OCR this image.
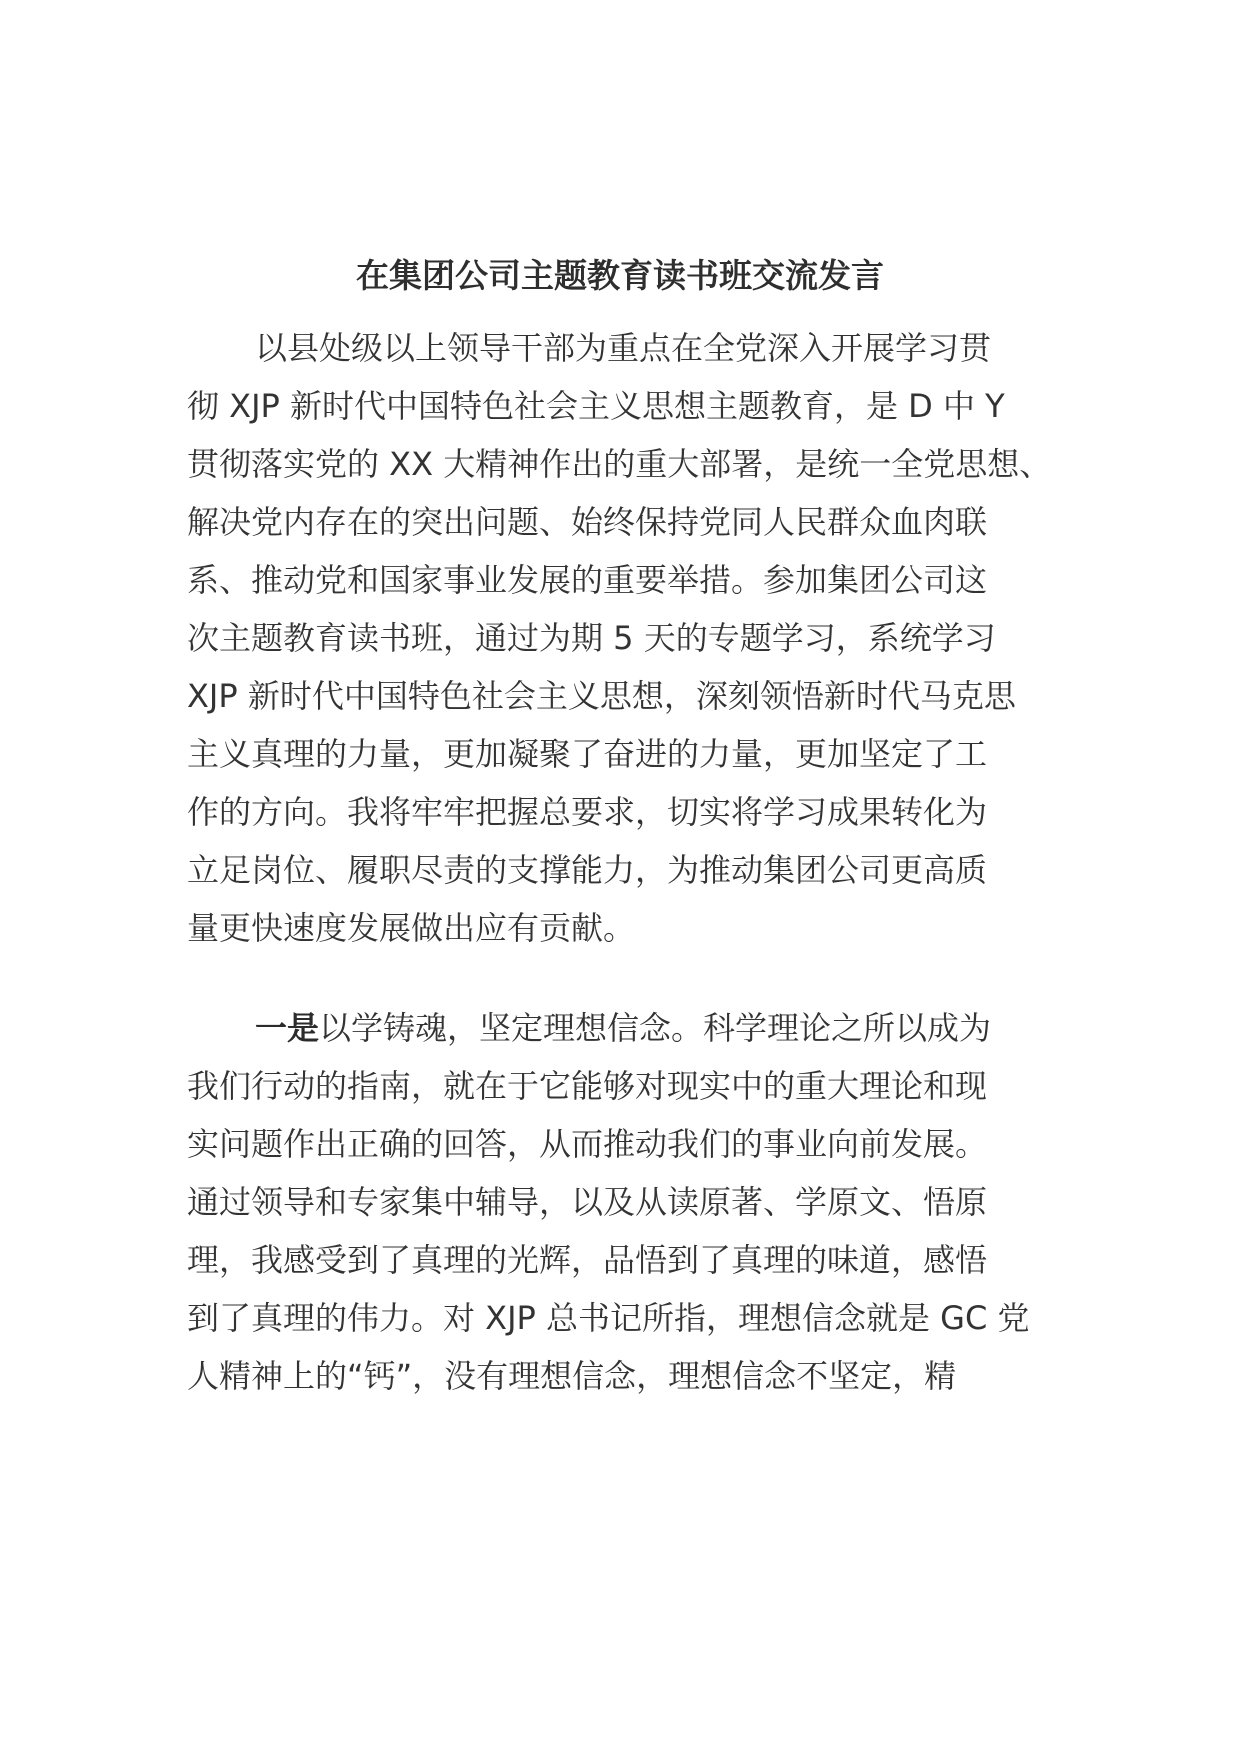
在集团公司主题教育读书班交流发言
以县处级以上领导干部为重点在全党深入开展学习贯
彻 XJP 新时代中国特色社会主义思想主题教育，是 D 中 Y
贯彻落实党的 XX 大精神作出的重大部署，是统一全党思想、
解决党内存在的突出问题、始终保持党同人民群众血肉联
系、推动党和国家事业发展的重要举措。参加集团公司这
次主题教育读书班，通过为期 5 天的专题学习，系统学习
XJP 新时代中国特色社会主义思想，深刻领悟新时代马克思
主义真理的力量，更加凝聚了奋进的力量，更加坚定了工
作的方向。我将牢牢把握总要求，切实将学习成果转化为
立足岗位、履职尽责的支撑能力，为推动集团公司更高质
量更快速度发展做出应有贡献。
一是以学铸魂，坚定理想信念。科学理论之所以成为
我们行动的指南，就在于它能够对现实中的重大理论和现
实问题作出正确的回答，从而推动我们的事业向前发展。
通过领导和专家集中辅导，以及从读原著、学原文、悟原
理，我感受到了真理的光辉，品悟到了真理的味道，感悟
到了真理的伟力。对 XJP 总书记所指，理想信念就是 GC 党
人精神上的“钙”，没有理想信念，理想信念不坚定，精
